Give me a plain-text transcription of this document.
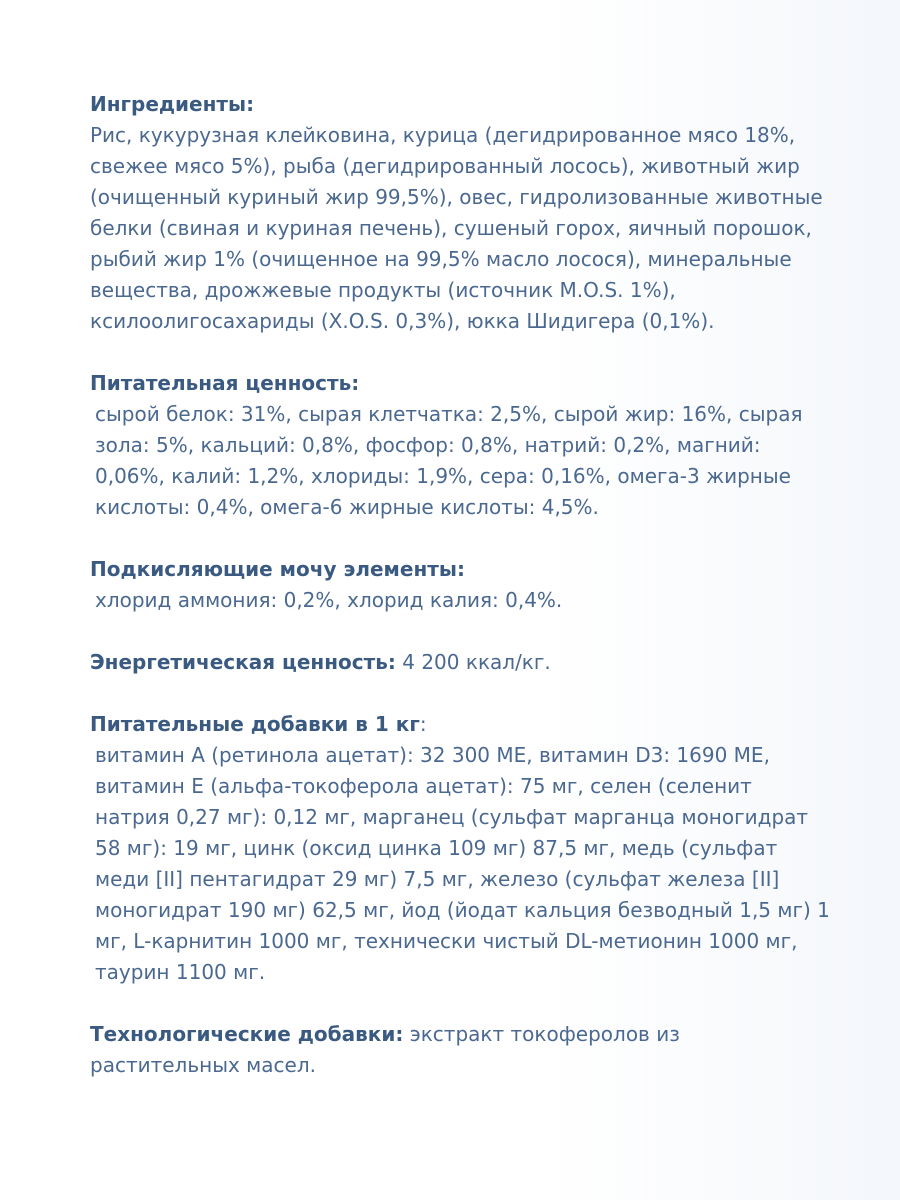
Ингредиенты:
Рис, кукурузная клейковина, курица (дегидрированное мясо 18%, свежее мясо 5%), рыба (дегидрированный лосось), животный жир (очищенный куриный жир 99,5%), овес, гидролизованные животные белки (свиная и куриная печень), сушеный горох, яичный порошок, рыбий жир 1% (очищенное на 99,5% масло лосося), минеральные вещества, дрожжевые продукты (источник M.O.S. 1%), ксилоолигосахариды (X.O.S. 0,3%), юкка Шидигера (0,1%).
Питательная ценность:
сырой белок: 31%, сырая клетчатка: 2,5%, сырой жир: 16%, сырая зола: 5%, кальций: 0,8%, фосфор: 0,8%, натрий: 0,2%, магний: 0,06%, калий: 1,2%, хлориды: 1,9%, сера: 0,16%, омега-3 жирные кислоты: 0,4%, омега-6 жирные кислоты: 4,5%.
Подкисляющие мочу элементы:
хлорид аммония: 0,2%, хлорид калия: 0,4%.
Энергетическая ценность: 4 200 ккал/кг.
Питательные добавки в 1 кг:
витамин A (ретинола ацетат): 32 300 МЕ, витамин D3: 1690 МЕ, витамин E (альфа-токоферола ацетат): 75 мг, селен (селенит натрия 0,27 мг): 0,12 мг, марганец (сульфат марганца моногидрат 58 мг): 19 мг, цинк (оксид цинка 109 мг) 87,5 мг, медь (сульфат меди [II] пентагидрат 29 мг) 7,5 мг, железо (сульфат железа [II] моногидрат 190 мг) 62,5 мг, йод (йодат кальция безводный 1,5 мг) 1 мг, L-карнитин 1000 мг, технически чистый DL-метионин 1000 мг, таурин 1100 мг.
Технологические добавки: экстракт токоферолов из растительных масел.
